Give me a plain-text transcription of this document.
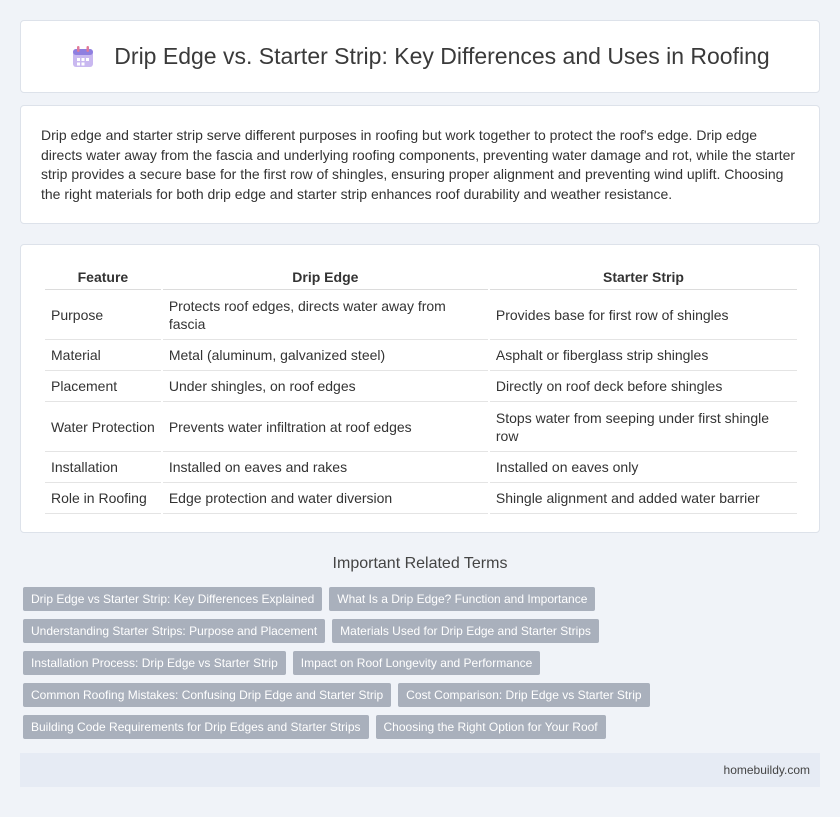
Drip Edge vs. Starter Strip: Key Differences and Uses in Roofing

Drip edge and starter strip serve different purposes in roofing but work together to protect the roof's edge. Drip edge directs water away from the fascia and underlying roofing components, preventing water damage and rot, while the starter strip provides a secure base for the first row of shingles, ensuring proper alignment and preventing wind uplift. Choosing the right materials for both drip edge and starter strip enhances roof durability and weather resistance.

Feature	Drip Edge	Starter Strip
Purpose	Protects roof edges, directs water away from fascia	Provides base for first row of shingles
Material	Metal (aluminum, galvanized steel)	Asphalt or fiberglass strip shingles
Placement	Under shingles, on roof edges	Directly on roof deck before shingles
Water Protection	Prevents water infiltration at roof edges	Stops water from seeping under first shingle row
Installation	Installed on eaves and rakes	Installed on eaves only
Role in Roofing	Edge protection and water diversion	Shingle alignment and added water barrier
Important Related Terms
Drip Edge vs Starter Strip: Key Differences Explained	What Is a Drip Edge? Function and Importance
Understanding Starter Strips: Purpose and Placement	Materials Used for Drip Edge and Starter Strips
Installation Process: Drip Edge vs Starter Strip	Impact on Roof Longevity and Performance
Common Roofing Mistakes: Confusing Drip Edge and Starter Strip	Cost Comparison: Drip Edge vs Starter Strip
Building Code Requirements for Drip Edges and Starter Strips	Choosing the Right Option for Your Roof
homebuildy.com
